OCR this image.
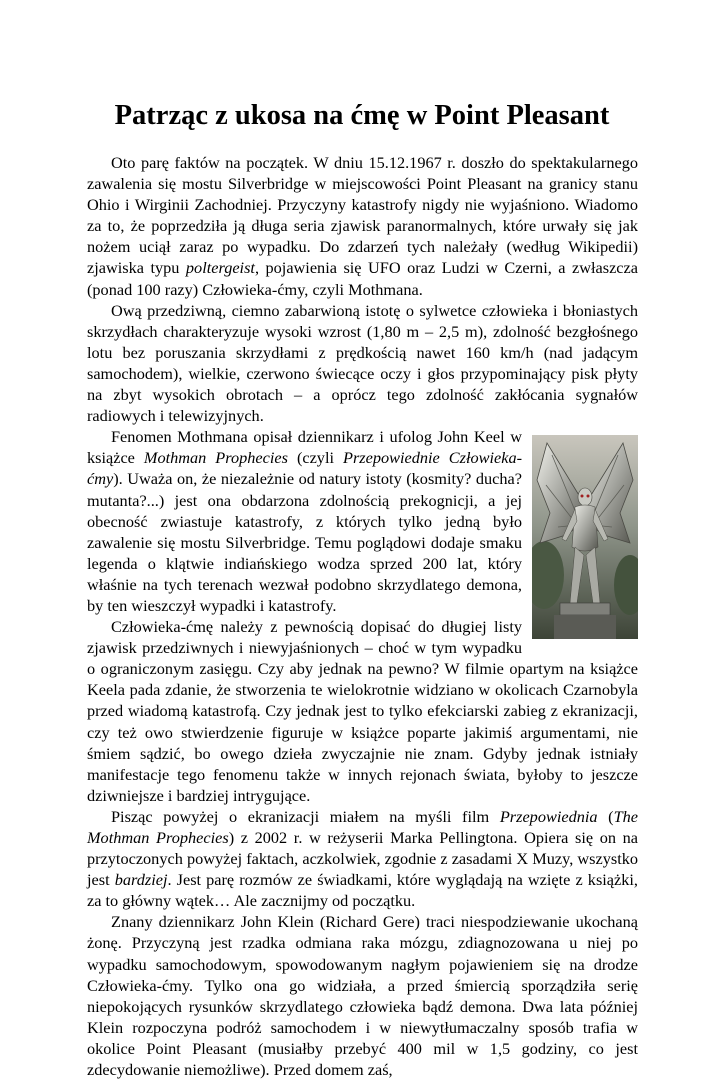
Patrząc z ukosa na ćmę w Point Pleasant

Oto parę faktów na początek. W dniu 15.12.1967 r. doszło do spektakularnego zawalenia się mostu Silverbridge w miejscowości Point Pleasant na granicy stanu Ohio i Wirginii Zachodniej. Przyczyny katastrofy nigdy nie wyjaśniono. Wiadomo za to, że poprzedziła ją długa seria zjawisk paranormalnych, które urwały się jak nożem uciął zaraz po wypadku. Do zdarzeń tych należały (według Wikipedii) zjawiska typu poltergeist, pojawienia się UFO oraz Ludzi w Czerni, a zwłaszcza (ponad 100 razy) Człowieka-ćmy, czyli Mothmana.

Ową przedziwną, ciemno zabarwioną istotę o sylwetce człowieka i błoniastych skrzydłach charakteryzuje wysoki wzrost (1,80 m – 2,5 m), zdolność bezgłośnego lotu bez poruszania skrzydłami z prędkością nawet 160 km/h (nad jadącym samochodem), wielkie, czerwono świecące oczy i głos przypominający pisk płyty na zbyt wysokich obrotach – a oprócz tego zdolność zakłócania sygnałów radiowych i telewizyjnych.

Fenomen Mothmana opisał dziennikarz i ufolog John Keel w książce Mothman Prophecies (czyli Przepowiednie Człowieka-ćmy). Uważa on, że niezależnie od natury istoty (kosmity? ducha? mutanta?...) jest ona obdarzona zdolnością prekognicji, a jej obecność zwiastuje katastrofy, z których tylko jedną było zawalenie się mostu Silverbridge. Temu poglądowi dodaje smaku legenda o klątwie indiańskiego wodza sprzed 200 lat, który właśnie na tych terenach wezwał podobno skrzydlatego demona, by ten wieszczył wypadki i katastrofy.

Człowieka-ćmę należy z pewnością dopisać do długiej listy zjawisk przedziwnych i niewyjaśnionych – choć w tym wypadku o ograniczonym zasięgu. Czy aby jednak na pewno? W filmie opartym na książce Keela pada zdanie, że stworzenia te wielokrotnie widziano w okolicach Czarnobyla przed wiadomą katastrofą. Czy jednak jest to tylko efekciarski zabieg z ekranizacji, czy też owo stwierdzenie figuruje w książce poparte jakimiś argumentami, nie śmiem sądzić, bo owego dzieła zwyczajnie nie znam. Gdyby jednak istniały manifestacje tego fenomenu także w innych rejonach świata, byłoby to jeszcze dziwniejsze i bardziej intrygujące.

Pisząc powyżej o ekranizacji miałem na myśli film Przepowiednia (The Mothman Prophecies) z 2002 r. w reżyserii Marka Pellingtona. Opiera się on na przytoczonych powyżej faktach, aczkolwiek, zgodnie z zasadami X Muzy, wszystko jest bardziej. Jest parę rozmów ze świadkami, które wyglądają na wzięte z książki, za to główny wątek… Ale zacznijmy od początku.

Znany dziennikarz John Klein (Richard Gere) traci niespodziewanie ukochaną żonę. Przyczyną jest rzadka odmiana raka mózgu, zdiagnozowana u niej po wypadku samochodowym, spowodowanym nagłym pojawieniem się na drodze Człowieka-ćmy. Tylko ona go widziała, a przed śmiercią sporządziła serię niepokojących rysunków skrzydlatego człowieka bądź demona. Dwa lata później Klein rozpoczyna podróż samochodem i w niewytłumaczalny sposób trafia w okolice Point Pleasant (musiałby przebyć 400 mil w 1,5 godziny, co jest zdecydowanie niemożliwe). Przed domem zaś,
